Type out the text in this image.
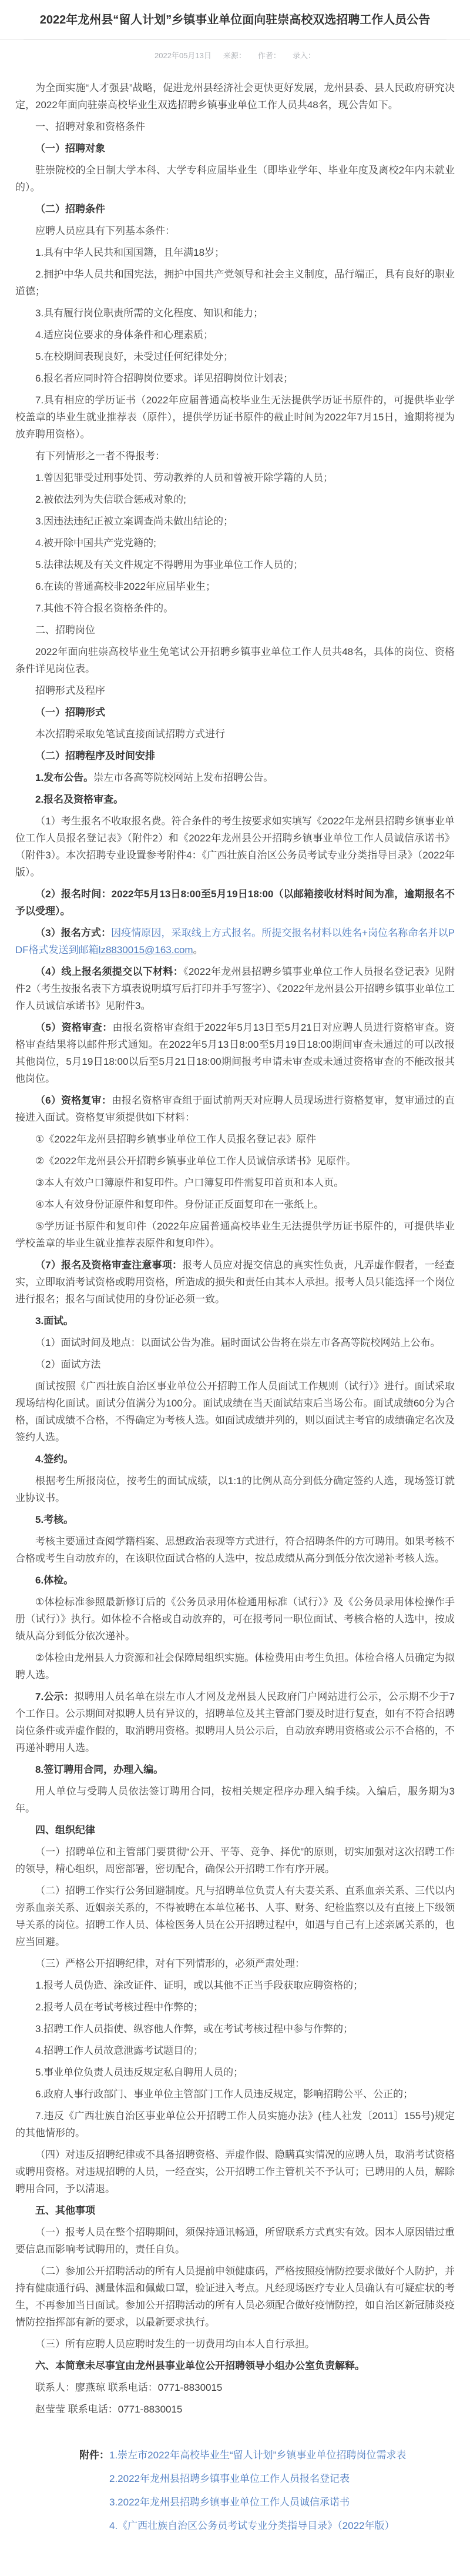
2022年龙州县“留人计划”乡镇事业单位面向驻崇高校双选招聘工作人员公告
2022年05月13日 来源： 作者： 录入：

为全面实施“人才强县”战略，促进龙州县经济社会更快更好发展，龙州县委、县人民政府研究决定，2022年面向驻崇高校毕业生双选招聘乡镇事业单位工作人员共48名，现公告如下。

一、招聘对象和资格条件

（一）招聘对象

驻崇院校的全日制大学本科、大学专科应届毕业生（即毕业学年、毕业年度及离校2年内未就业的）。

（二）招聘条件

应聘人员应具有下列基本条件：

1.具有中华人民共和国国籍，且年满18岁；

2.拥护中华人员共和国宪法，拥护中国共产党领导和社会主义制度，品行端正，具有良好的职业道德；

3.具有履行岗位职责所需的文化程度、知识和能力；

4.适应岗位要求的身体条件和心理素质；

5.在校期间表现良好，未受过任何纪律处分；

6.报名者应同时符合招聘岗位要求。详见招聘岗位计划表；

7.具有相应的学历证书（2022年应届普通高校毕业生无法提供学历证书原件的，可提供毕业学校盖章的毕业生就业推荐表（原件），提供学历证书原件的截止时间为2022年7月15日，逾期将视为放弃聘用资格）。

有下列情形之一者不得报考：

1.曾因犯罪受过刑事处罚、劳动教养的人员和曾被开除学籍的人员；

2.被依法列为失信联合惩戒对象的;

3.因违法违纪正被立案调查尚未做出结论的；

4.被开除中国共产党党籍的;

5.法律法规及有关文件规定不得聘用为事业单位工作人员的；

6.在读的普通高校非2022年应届毕业生；

7.其他不符合报名资格条件的。

二、招聘岗位

2022年面向驻崇高校毕业生免笔试公开招聘乡镇事业单位工作人员共48名，具体的岗位、资格条件详见岗位表。

招聘形式及程序

（一）招聘形式

本次招聘采取免笔试直接面试招聘方式进行

（二）招聘程序及时间安排

1.发布公告。崇左市各高等院校网站上发布招聘公告。

2.报名及资格审查。

（1）考生报名不收取报名费。符合条件的考生按要求如实填写《2022年龙州县招聘乡镇事业单位工作人员报名登记表》（附件2）和《2022年龙州县公开招聘乡镇事业单位工作人员诚信承诺书》（附件3）。本次招聘专业设置参考附件4：《广西壮族自治区公务员考试专业分类指导目录》（2022年版）。

（2）报名时间：2022年5月13日8:00至5月19日18:00（以邮箱接收材料时间为准，逾期报名不予以受理）。

（3）报名方式：因疫情原因，采取线上方式报名。所提交报名材料以姓名+岗位名称命名并以PDF格式发送到邮箱lz8830015@163.com。

（4）线上报名须提交以下材料：《2022年龙州县招聘乡镇事业单位工作人员报名登记表》见附件2（考生按报名表下方填表说明填写后打印并手写签字）、《2022年龙州县公开招聘乡镇事业单位工作人员诚信承诺书》见附件3。

（5）资格审查：由报名资格审查组于2022年5月13日至5月21日对应聘人员进行资格审查。资格审查结果将以邮件形式通知。在2022年5月13日8:00至5月19日18:00期间审查未通过的可以改报其他岗位，5月19日18:00以后至5月21日18:00期间报考申请未审查或未通过资格审查的不能改报其他岗位。

（6）资格复审：由报名资格审查组于面试前两天对应聘人员现场进行资格复审，复审通过的直接进入面试。资格复审须提供如下材料：

①《2022年龙州县招聘乡镇事业单位工作人员报名登记表》原件

②《2022年龙州县公开招聘乡镇事业单位工作人员诚信承诺书》见原件。

③本人有效户口簿原件和复印件。户口簿复印件需复印首页和本人页。

④本人有效身份证原件和复印件。身份证正反面复印在一张纸上。

⑤学历证书原件和复印件（2022年应届普通高校毕业生无法提供学历证书原件的，可提供毕业学校盖章的毕业生就业推荐表原件和复印件）。

（7）报名及资格审查注意事项：报考人员应对提交信息的真实性负责，凡弄虚作假者，一经查实，立即取消考试资格或聘用资格，所造成的损失和责任由其本人承担。报考人员只能选择一个岗位进行报名；报名与面试使用的身份证必须一致。

3.面试。

（1）面试时间及地点：以面试公告为准。届时面试公告将在崇左市各高等院校网站上公布。

（2）面试方法

面试按照《广西壮族自治区事业单位公开招聘工作人员面试工作规则（试行）》进行。面试采取现场结构化面试。面试分值满分为100分。面试成绩在当天面试结束后当场公布。面试成绩60分为合格，面试成绩不合格，不得确定为考核人选。如面试成绩并列的，则以面试主考官的成绩确定名次及签约人选。

4.签约。

根据考生所报岗位，按考生的面试成绩，以1:1的比例从高分到低分确定签约人选，现场签订就业协议书。

5.考核。

考核主要通过查阅学籍档案、思想政治表现等方式进行，符合招聘条件的方可聘用。如果考核不合格或考生自动放弃的，在该职位面试合格的人选中，按总成绩从高分到低分依次递补考核人选。

6.体检。

①体检标准参照最新修订后的《公务员录用体检通用标准（试行）》及《公务员录用体检操作手册（试行）》执行。如体检不合格或自动放弃的，可在报考同一职位面试、考核合格的人选中，按成绩从高分到低分依次递补。

②体检由龙州县人力资源和社会保障局组织实施。体检费用由考生负担。体检合格人员确定为拟聘人选。

7.公示：拟聘用人员名单在崇左市人才网及龙州县人民政府门户网站进行公示，公示期不少于7个工作日。公示期间对拟聘人员有异议的，招聘单位及其主管部门要及时进行复查，如有不符合招聘岗位条件或弄虚作假的，取消聘用资格。拟聘用人员公示后，自动放弃聘用资格或公示不合格的，不再递补聘用人选。

8.签订聘用合同，办理入编。

用人单位与受聘人员依法签订聘用合同，按相关规定程序办理入编手续。入编后，服务期为3年。

四、组织纪律

（一）招聘单位和主管部门要贯彻“公开、平等、竞争、择优”的原则，切实加强对这次招聘工作的领导，精心组织，周密部署，密切配合，确保公开招聘工作有序开展。

（二）招聘工作实行公务回避制度。凡与招聘单位负责人有夫妻关系、直系血亲关系、三代以内旁系血亲关系、近姻亲关系的，不得被聘在本单位秘书、人事、财务、纪检监察以及有直接上下级领导关系的岗位。招聘工作人员、体检医务人员在公开招聘过程中，如遇与自己有上述亲属关系的，也应当回避。

（三）严格公开招聘纪律，对有下列情形的，必须严肃处理：

1.报考人员伪造、涂改证件、证明，或以其他不正当手段获取应聘资格的；

2.报考人员在考试考核过程中作弊的；

3.招聘工作人员指使、纵容他人作弊，或在考试考核过程中参与作弊的；

4.招聘工作人员故意泄露考试题目的；

5.事业单位负责人员违反规定私自聘用人员的；

6.政府人事行政部门、事业单位主管部门工作人员违反规定，影响招聘公平、公正的；

7.违反《广西壮族自治区事业单位公开招聘工作人员实施办法》(桂人社发〔2011〕155号)规定的其他情形的。

（四）对违反招聘纪律或不具备招聘资格、弄虚作假、隐瞒真实情况的应聘人员，取消考试资格或聘用资格。对违规招聘的人员，一经查实，公开招聘工作主管机关不予认可；已聘用的人员，解除聘用合同，予以清退。

五、其他事项

（一）报考人员在整个招聘期间，须保持通讯畅通，所留联系方式真实有效。因本人原因错过重要信息而影响考试聘用的，责任自负。

（二）参加公开招聘活动的所有人员提前申领健康码，严格按照疫情防控要求做好个人防护，并持有健康通行码、测量体温和佩戴口罩，验证进入考点。凡经现场医疗专业人员确认有可疑症状的考生，不再参加当日面试。参加公开招聘活动的所有人员必须配合做好疫情防控，如自治区新冠肺炎疫情防控指挥部有新的要求，以最新要求执行。

（三）所有应聘人员应聘时发生的一切费用均由本人自行承担。

六、本简章未尽事宜由龙州县事业单位公开招聘领导小组办公室负责解释。

联系人：廖燕琼 联系电话：0771-8830015

赵莹莹 联系电话：0771-8830015

附件： 1.崇左市2022年高校毕业生“留人计划”乡镇事业单位招聘岗位需求表
2.2022年龙州县招聘乡镇事业单位工作人员报名登记表
3.2022年龙州县招聘乡镇事业单位工作人员诚信承诺书
4.《广西壮族自治区公务员考试专业分类指导目录》（2022年版）
